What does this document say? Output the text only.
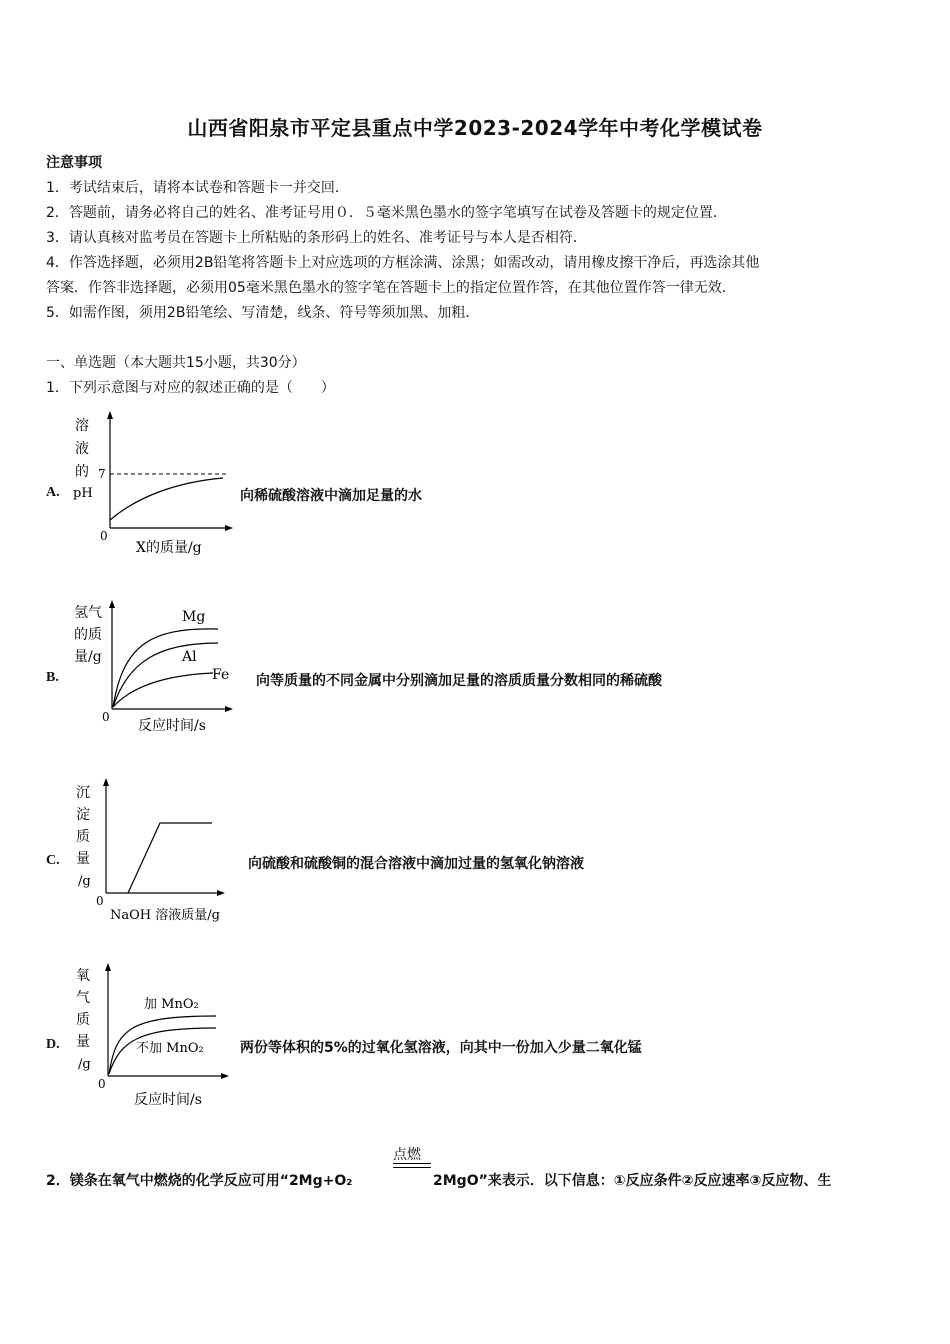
山西省阳泉市平定县重点中学2023-2024学年中考化学模试卷
注意事项
1．考试结束后，请将本试卷和答题卡一并交回．
2．答题前，请务必将自己的姓名、准考证号用０．５毫米黑色墨水的签字笔填写在试卷及答题卡的规定位置．
3．请认真核对监考员在答题卡上所粘贴的条形码上的姓名、准考证号与本人是否相符．
4．作答选择题，必须用2B铅笔将答题卡上对应选项的方框涂满、涂黑；如需改动，请用橡皮擦干净后，再选涂其他
答案．作答非选择题，必须用05毫米黑色墨水的签字笔在答题卡上的指定位置作答，在其他位置作答一律无效．
5．如需作图，须用2B铅笔绘、写清楚，线条、符号等须加黑、加粗．
一、单选题（本大题共15小题，共30分）
1．下列示意图与对应的叙述正确的是（　　）
A.
溶
液
的
pH
7
0
X的质量/g
向稀硫酸溶液中滴加足量的水
B.
Mg
Al
Fe
氢气
的质
量/g
0
反应时间/s
向等质量的不同金属中分别滴加足量的溶质质量分数相同的稀硫酸
C.
沉
淀
质
量
/g
0
NaOH 溶液质量/g
向硫酸和硫酸铜的混合溶液中滴加过量的氢氧化钠溶液
D.
加 MnO₂
不加 MnO₂
氧
气
质
量
/g
0
反应时间/s
两份等体积的5%的过氧化氢溶液，向其中一份加入少量二氧化锰
点燃
2．镁条在氧气中燃烧的化学反应可用“2Mg+O₂	2MgO”来表示．以下信息：①反应条件②反应速率③反应物、生
